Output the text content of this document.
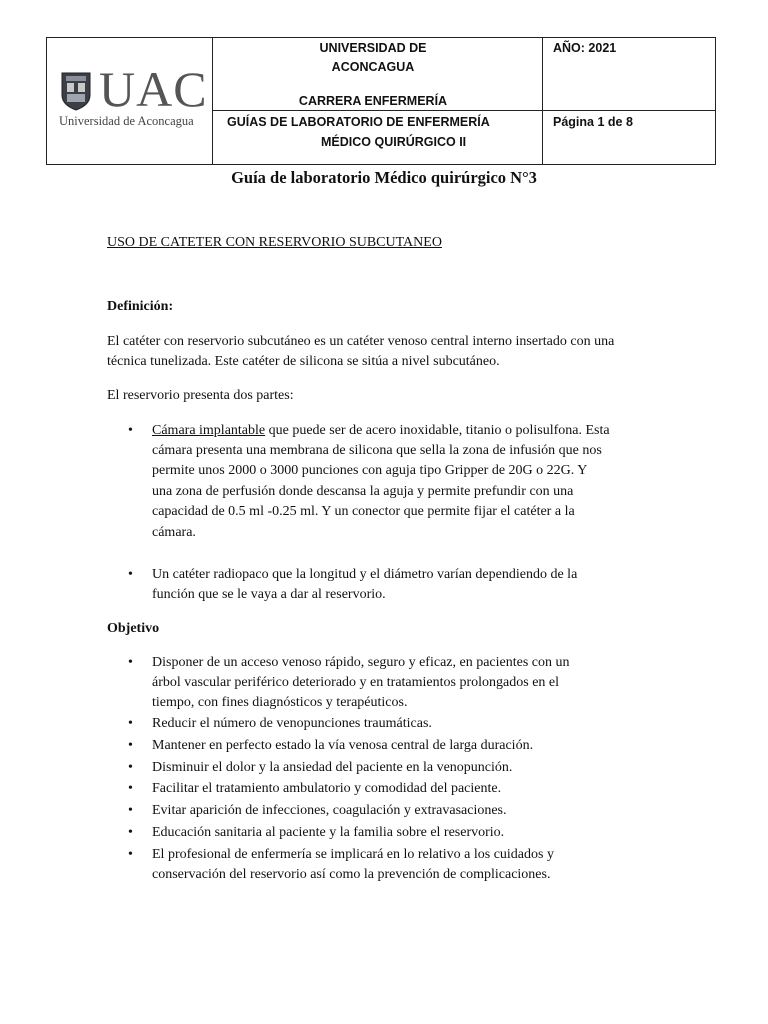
UAC
Universidad de Aconcagua
UNIVERSIDAD DE
ACONCAGUA
CARRERA ENFERMERÍA
AÑO: 2021
GUÍAS DE LABORATORIO DE ENFERMERÍA
MÉDICO QUIRÚRGICO II
Página 1 de 8
Guía de laboratorio Médico quirúrgico N°3
USO DE CATETER CON RESERVORIO SUBCUTANEO
Definición:
El catéter con reservorio subcutáneo es un catéter venoso central interno insertado con una
técnica tunelizada. Este catéter de silicona se sitúa a nivel subcutáneo.
El reservorio presenta dos partes:
• Cámara implantable que puede ser de acero inoxidable, titanio o polisulfona. Esta
cámara presenta una membrana de silicona que sella la zona de infusión que nos
permite unos 2000 o 3000 punciones con aguja tipo Gripper de 20G o 22G. Y
una zona de perfusión donde descansa la aguja y permite prefundir con una
capacidad de 0.5 ml -0.25 ml. Y un conector que permite fijar el catéter a la
cámara.
• Un catéter radiopaco que la longitud y el diámetro varían dependiendo de la
función que se le vaya a dar al reservorio.
Objetivo
• Disponer de un acceso venoso rápido, seguro y eficaz, en pacientes con un
árbol vascular periférico deteriorado y en tratamientos prolongados en el
tiempo, con fines diagnósticos y terapéuticos.
• Reducir el número de venopunciones traumáticas.
• Mantener en perfecto estado la vía venosa central de larga duración.
• Disminuir el dolor y la ansiedad del paciente en la venopunción.
• Facilitar el tratamiento ambulatorio y comodidad del paciente.
• Evitar aparición de infecciones, coagulación y extravasaciones.
• Educación sanitaria al paciente y la familia sobre el reservorio.
• El profesional de enfermería se implicará en lo relativo a los cuidados y
conservación del reservorio así como la prevención de complicaciones.
